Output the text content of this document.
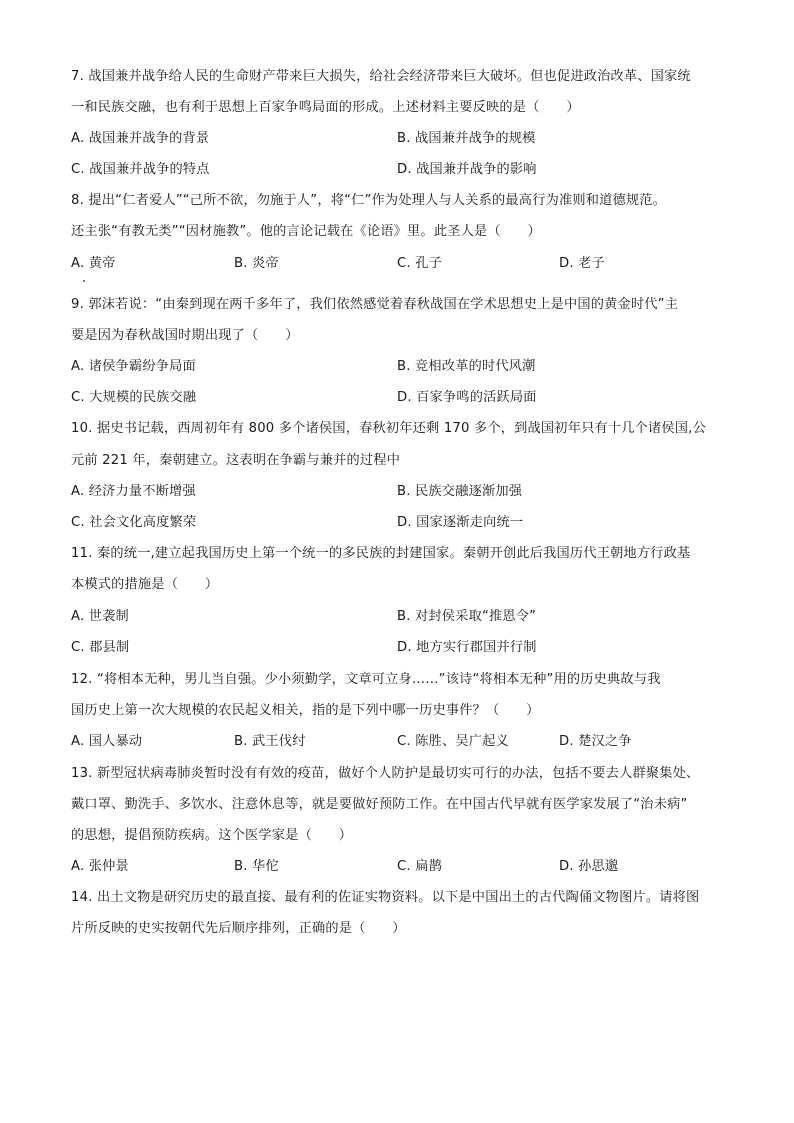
7. 战国兼并战争给人民的生命财产带来巨大损失，给社会经济带来巨大破坏。但也促进政治改革、国家统
一和民族交融，也有利于思想上百家争鸣局面的形成。上述材料主要反映的是（　　）
A. 战国兼并战争的背景	B. 战国兼并战争的规模
C. 战国兼并战争的特点	D. 战国兼并战争的影响
8. 提出“仁者爱人”“己所不欲，勿施于人”，将“仁”作为处理人与人关系的最高行为准则和道德规范。
还主张“有教无类”“因材施教”。他的言论记载在《论语》里。此圣人是（　　）
A. 黄帝	B. 炎帝	C. 孔子	D. 老子
9. 郭沫若说：“由秦到现在两千多年了，我们依然感觉着春秋战国在学术思想史上是中国的黄金时代”主
要是因为春秋战国时期出现了（　　）
A. 诸侯争霸纷争局面	B. 竞相改革的时代风潮
C. 大规模的民族交融	D. 百家争鸣的活跃局面
10. 据史书记载，西周初年有 800 多个诸侯国，春秋初年还剩 170 多个，到战国初年只有十几个诸侯国,公
元前 221 年，秦朝建立。这表明在争霸与兼并的过程中
A. 经济力量不断增强	B. 民族交融逐渐加强
C. 社会文化高度繁荣	D. 国家逐渐走向统一
11. 秦的统一,建立起我国历史上第一个统一的多民族的封建国家。秦朝开创此后我国历代王朝地方行政基
本模式的措施是（　　）
A. 世袭制	B. 对封侯采取“推恩令”
C. 郡县制	D. 地方实行郡国并行制
12. “将相本无种，男儿当自强。少小须勤学，文章可立身……”该诗“将相本无种”用的历史典故与我
国历史上第一次大规模的农民起义相关，指的是下列中哪一历史事件？（　　）
A. 国人暴动	B. 武王伐纣	C. 陈胜、吴广起义	D. 楚汉之争
13. 新型冠状病毒肺炎暂时没有有效的疫苗，做好个人防护是最切实可行的办法，包括不要去人群聚集处、
戴口罩、勤洗手、多饮水、注意休息等，就是要做好预防工作。在中国古代早就有医学家发展了“治未病”
的思想，提倡预防疾病。这个医学家是（　　）
A. 张仲景	B. 华佗	C. 扁鹊	D. 孙思邈
14. 出土文物是研究历史的最直接、最有利的佐证实物资料。以下是中国出土的古代陶俑文物图片。请将图
片所反映的史实按朝代先后顺序排列，正确的是（　　）
